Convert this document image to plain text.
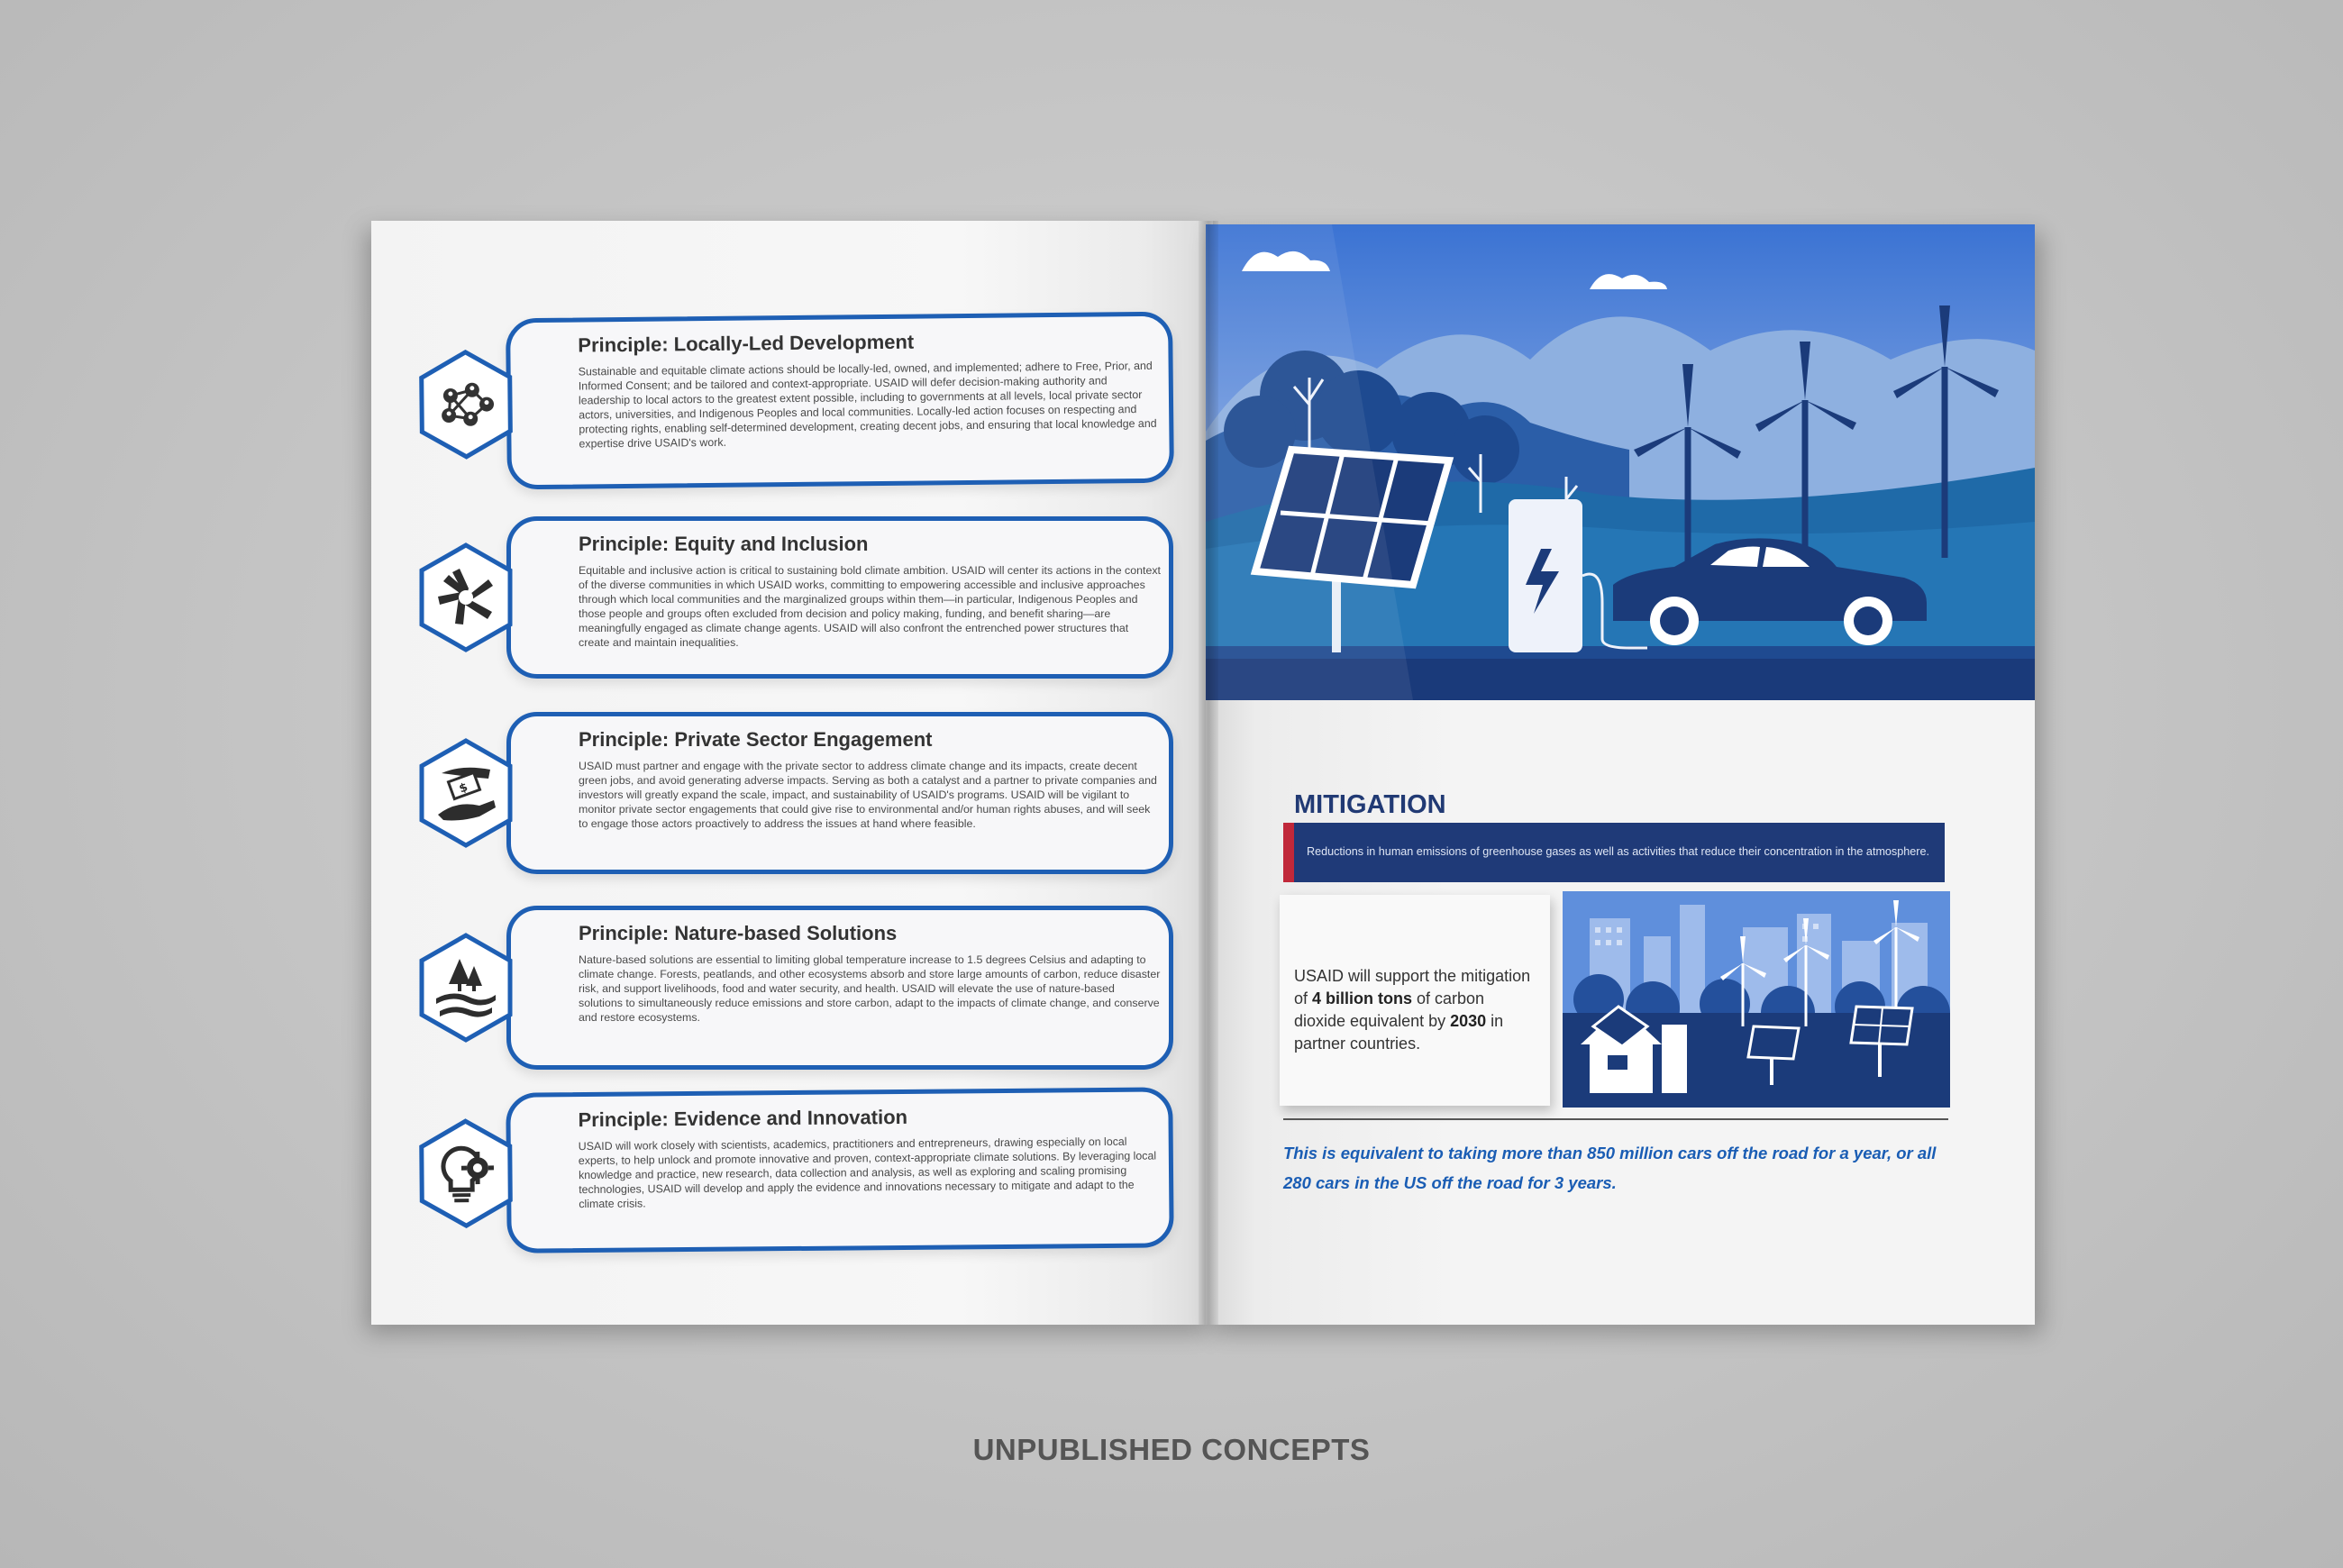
Principle: Locally-Led Development
Sustainable and equitable climate actions should be locally-led, owned, and implemented; adhere to Free, Prior, and Informed Consent; and be tailored and context-appropriate. USAID will defer decision-making authority and leadership to local actors to the greatest extent possible, including to governments at all levels, local private sector actors, universities, and Indigenous Peoples and local communities. Locally-led action focuses on respecting and protecting rights, enabling self-determined development, creating decent jobs, and ensuring that local knowledge and expertise drive USAID's work.
Principle: Equity and Inclusion
Equitable and inclusive action is critical to sustaining bold climate ambition. USAID will center its actions in the context of the diverse communities in which USAID works, committing to empowering accessible and inclusive approaches through which local communities and the marginalized groups within them—in particular, Indigenous Peoples and those people and groups often excluded from decision and policy making, funding, and benefit sharing—are meaningfully engaged as climate change agents. USAID will also confront the entrenched power structures that create and maintain inequalities.
$
Principle: Private Sector Engagement
USAID must partner and engage with the private sector to address climate change and its impacts, create decent green jobs, and avoid generating adverse impacts. Serving as both a catalyst and a partner to private companies and investors will greatly expand the scale, impact, and sustainability of USAID's programs. USAID will be vigilant to monitor private sector engagements that could give rise to environmental and/or human rights abuses, and will seek to engage those actors proactively to address the issues at hand where feasible.
Principle: Nature-based Solutions
Nature-based solutions are essential to limiting global temperature increase to 1.5 degrees Celsius and adapting to climate change. Forests, peatlands, and other ecosystems absorb and store large amounts of carbon, reduce disaster risk, and support livelihoods, food and water security, and health. USAID will elevate the use of nature-based solutions to simultaneously reduce emissions and store carbon, adapt to the impacts of climate change, and conserve and restore ecosystems.
Principle: Evidence and Innovation
USAID will work closely with scientists, academics, practitioners and entrepreneurs, drawing especially on local experts, to help unlock and promote innovative and proven, context-appropriate climate solutions. By leveraging local knowledge and practice, new research, data collection and analysis, as well as exploring and scaling promising technologies, USAID will develop and apply the evidence and innovations necessary to mitigate and adapt to the climate crisis.
MITIGATION
Reductions in human emissions of greenhouse gases as well as activities that reduce their concentration in the atmosphere.
USAID will support the mitigation of 4 billion tons of carbon dioxide equivalent by 2030 in partner countries.
This is equivalent to taking more than 850 million cars off the road for a year, or all 280 cars in the US off the road for 3 years.
UNPUBLISHED CONCEPTS
